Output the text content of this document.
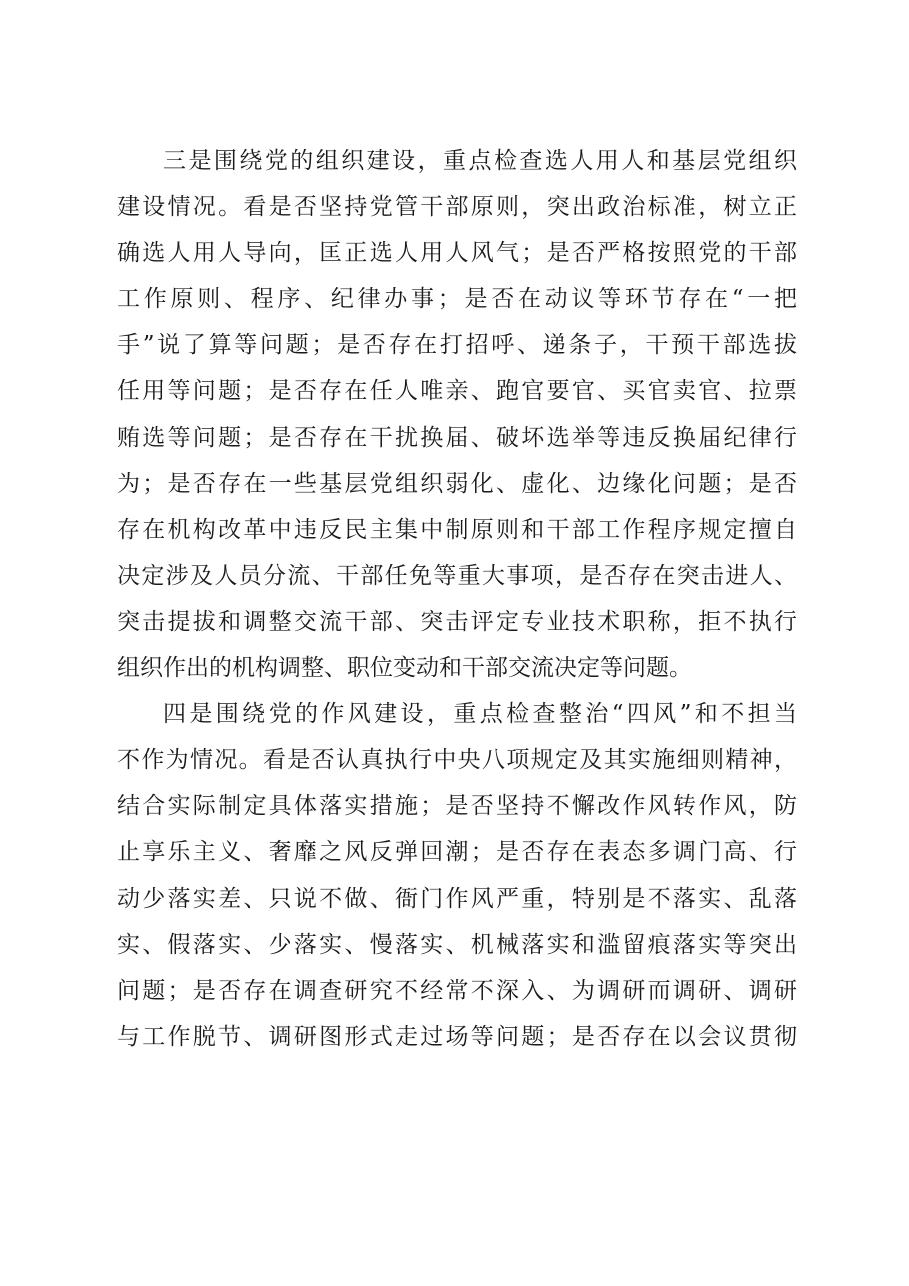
三是围绕党的组织建设，重点检查选人用人和基层党组织
建设情况。看是否坚持党管干部原则，突出政治标准，树立正
确选人用人导向，匡正选人用人风气；是否严格按照党的干部
工作原则、程序、纪律办事；是否在动议等环节存在“一把
手”说了算等问题；是否存在打招呼、递条子，干预干部选拔
任用等问题；是否存在任人唯亲、跑官要官、买官卖官、拉票
贿选等问题；是否存在干扰换届、破坏选举等违反换届纪律行
为；是否存在一些基层党组织弱化、虚化、边缘化问题；是否
存在机构改革中违反民主集中制原则和干部工作程序规定擅自
决定涉及人员分流、干部任免等重大事项，是否存在突击进人、
突击提拔和调整交流干部、突击评定专业技术职称，拒不执行
组织作出的机构调整、职位变动和干部交流决定等问题。
四是围绕党的作风建设，重点检查整治“四风”和不担当
不作为情况。看是否认真执行中央八项规定及其实施细则精神，
结合实际制定具体落实措施；是否坚持不懈改作风转作风，防
止享乐主义、奢靡之风反弹回潮；是否存在表态多调门高、行
动少落实差、只说不做、衙门作风严重，特别是不落实、乱落
实、假落实、少落实、慢落实、机械落实和滥留痕落实等突出
问题；是否存在调查研究不经常不深入、为调研而调研、调研
与工作脱节、调研图形式走过场等问题；是否存在以会议贯彻
